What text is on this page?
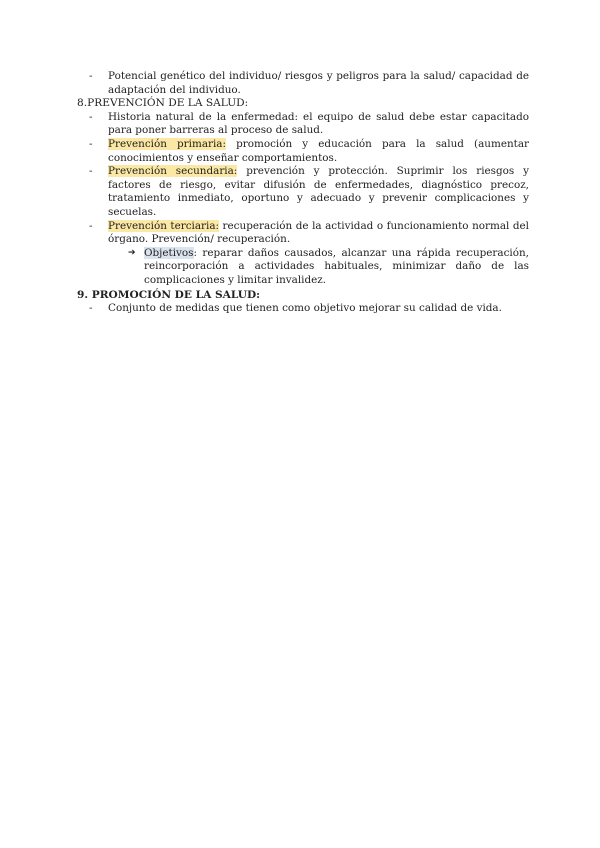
- Potencial genético del individuo/ riesgos y peligros para la salud/ capacidad de adaptación del individuo.
8.PREVENCIÓN DE LA SALUD:
- Historia natural de la enfermedad: el equipo de salud debe estar capacitado para poner barreras al proceso de salud.
- Prevención primaria: promoción y educación para la salud (aumentar conocimientos y enseñar comportamientos.
- Prevención secundaria: prevención y protección. Suprimir los riesgos y factores de riesgo, evitar difusión de enfermedades, diagnóstico precoz, tratamiento inmediato, oportuno y adecuado y prevenir complicaciones y secuelas.
- Prevención terciaria: recuperación de la actividad o funcionamiento normal del órgano. Prevención/ recuperación.
➔ Objetivos: reparar daños causados, alcanzar una rápida recuperación, reincorporación a actividades habituales, minimizar daño de las complicaciones y limitar invalidez.
9. PROMOCIÓN DE LA SALUD:
- Conjunto de medidas que tienen como objetivo mejorar su calidad de vida.
